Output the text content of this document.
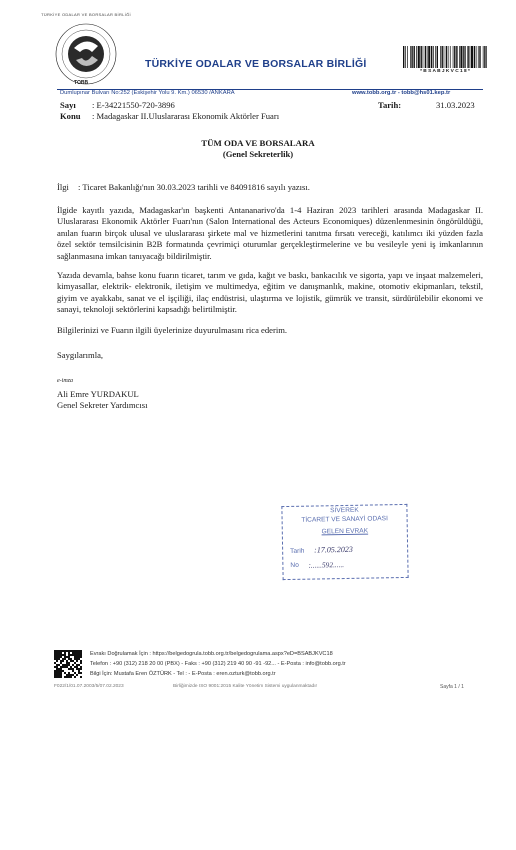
TÜRKİYE ODALAR VE BORSALAR BİRLİĞİ
TOBB
TÜRKİYE ODALAR VE BORSALAR BİRLİĞİ
* B S A B J K V C 1 8 *
Dumlupınar Bulvarı No:252 (Eskişehir Yolu 9. Km.) 06530 /ANKARA	www.tobb.org.tr - tobb@hs01.kep.tr
Sayı : E-34221550-720-3896	Tarih:	31.03.2023
Konu : Madagaskar II.Uluslararası Ekonomik Aktörler Fuarı
TÜM ODA VE BORSALARA
(Genel Sekreterlik)
İlgi : Ticaret Bakanlığı'nın 30.03.2023 tarihli ve 84091816 sayılı yazısı.
İlgide kayıtlı yazıda, Madagaskar'ın başkenti Antananarivo'da 1-4 Haziran 2023 tarihleri arasında Madagaskar II. Uluslararası Ekonomik Aktörler Fuarı'nın (Salon International des Acteurs Economiques) düzenlenmesinin öngörüldüğü, anılan fuarın birçok ulusal ve uluslararası şirkete mal ve hizmetlerini tanıtma fırsatı vereceği, katılımcı iki yüzden fazla özel sektör temsilcisinin B2B formatında çevrimiçi oturumlar gerçekleştirmelerine ve bu vesileyle yeni iş imkanlarının sağlanmasına imkan tanıyacağı bildirilmiştir.
Yazıda devamla, bahse konu fuarın ticaret, tarım ve gıda, kağıt ve baskı, bankacılık ve sigorta, yapı ve inşaat malzemeleri, kimyasallar, elektrik- elektronik, iletişim ve multimedya, eğitim ve danışmanlık, makine, otomotiv ekipmanları, tekstil, giyim ve ayakkabı, sanat ve el işçiliği, ilaç endüstrisi, ulaştırma ve lojistik, gümrük ve transit, sürdürülebilir ekonomi ve sanayi, teknoloji sektörlerini kapsadığı belirtilmiştir.
Bilgilerinizi ve Fuarın ilgili üyelerinize duyurulmasını rica ederim.
Saygılarımla,
e-imza
Ali Emre YURDAKUL
Genel Sekreter Yardımcısı
SİVEREK
TİCARET VE SANAYİ ODASI
GELEN EVRAK
Tarih :17.05.2023
No :......592......
Evrakı Doğrulamak İçin : https://belgedogrula.tobb.org.tr/belgedogrulama.aspx?eD=BSABJKVC18
Telefon : +90 (312) 218 20 00 (PBX) - Faks : +90 (312) 219 40 90 -91 -92... - E-Posta : info@tobb.org.tr
Bilgi İçin: Mustafa Eren ÖZTÜRK - Tel : - E-Posta : eren.ozturk@tobb.org.tr
F022/1/01.07.2003/5/07.02.2023	Birliğimizde ISO 9001:2015 Kalite Yönetim Sistemi uygulanmaktadır	Sayfa 1 / 1
